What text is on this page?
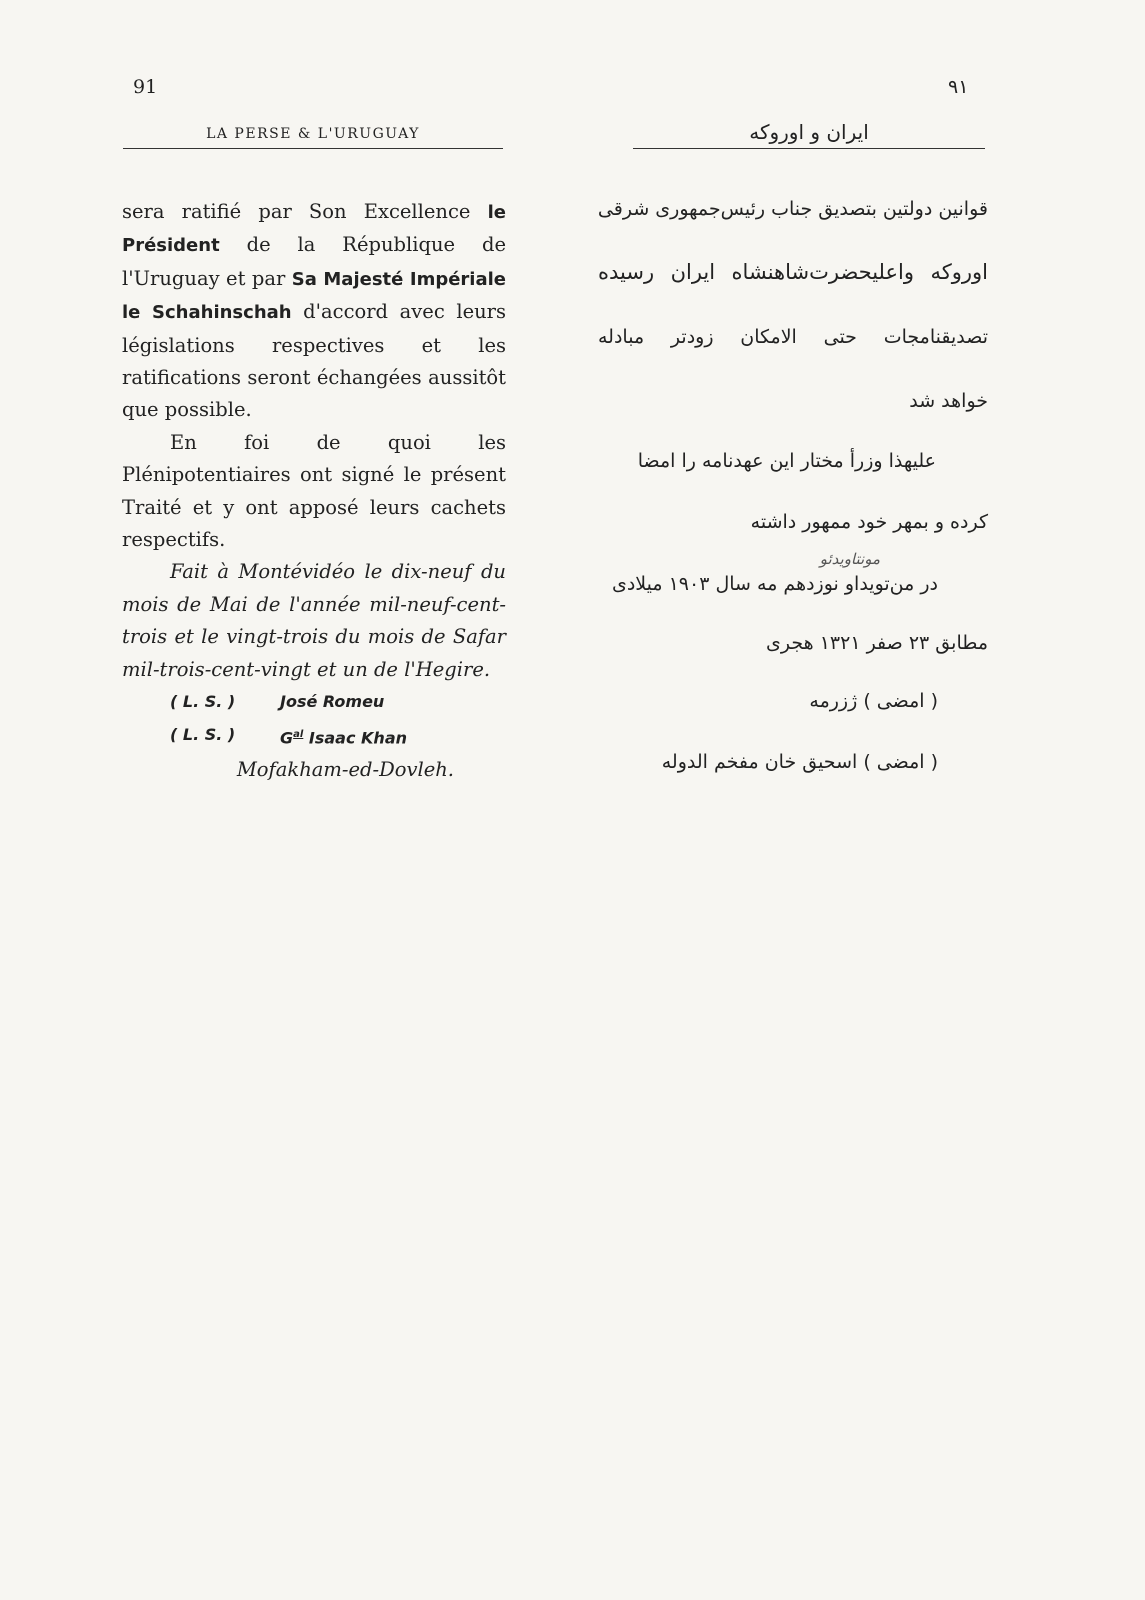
91	۹۱
LA PERSE & L'URUGUAY	ایران و اوروکه

sera ratifié par Son Excellence le Président de la République de l'Uruguay et par Sa Majesté Impériale le Schahinschah d'accord avec leurs législations respectives et les ratifications seront échangées aussitôt que possible.

En foi de quoi les Plénipotentiaires ont signé le présent Traité et y ont apposé leurs cachets respectifs.

Fait à Montévidéo le dix-neuf du mois de Mai de l'année mil-neuf-cent-trois et le vingt-trois du mois de Safar mil-trois-cent-vingt et un de l'Hegire.

( L. S. )	José Romeu
( L. S. )	$G^{al}$ Isaac Khan
Mofakham-ed-Dovleh.
قوانین دولتین بتصدیق جناب رئیس‌جمهوری شرقی
اوروکه واعلیحضرت‌شاهنشاه ایران رسیده
تصدیقنامجات حتی الامکان زودتر مبادله
خواهد شد
علیهذا وزرأ مختار این عهدنامه را امضا
کرده و بمهر خود ممهور داشته
مونتاویدئو
در من‌تویداو نوزدهم مه سال ۱۹۰۳ میلادی
مطابق ۲۳ صفر ۱۳۲۱ هجری
( امضی ) ژزرمه
( امضی ) اسحیق خان مفخم الدوله
